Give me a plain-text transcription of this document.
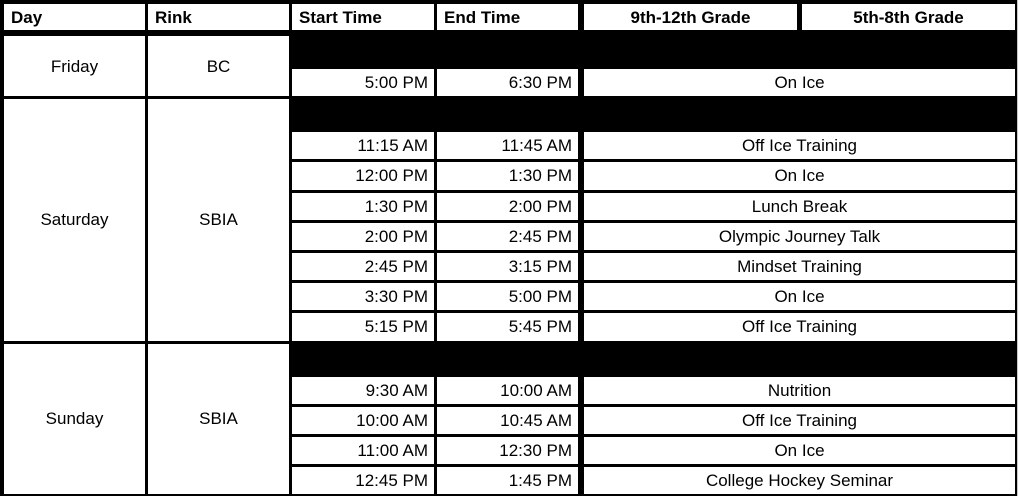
Day	Rink	Start Time	End Time	9th-12th Grade	5th-8th Grade
Friday	BC
5:00 PM	6:30 PM	On Ice
Saturday	SBIA
11:15 AM	11:45 AM	Off Ice Training
12:00 PM	1:30 PM	On Ice
1:30 PM	2:00 PM	Lunch Break
2:00 PM	2:45 PM	Olympic Journey Talk
2:45 PM	3:15 PM	Mindset Training
3:30 PM	5:00 PM	On Ice
5:15 PM	5:45 PM	Off Ice Training
Sunday	SBIA
9:30 AM	10:00 AM	Nutrition
10:00 AM	10:45 AM	Off Ice Training
11:00 AM	12:30 PM	On Ice
12:45 PM	1:45 PM	College Hockey Seminar
